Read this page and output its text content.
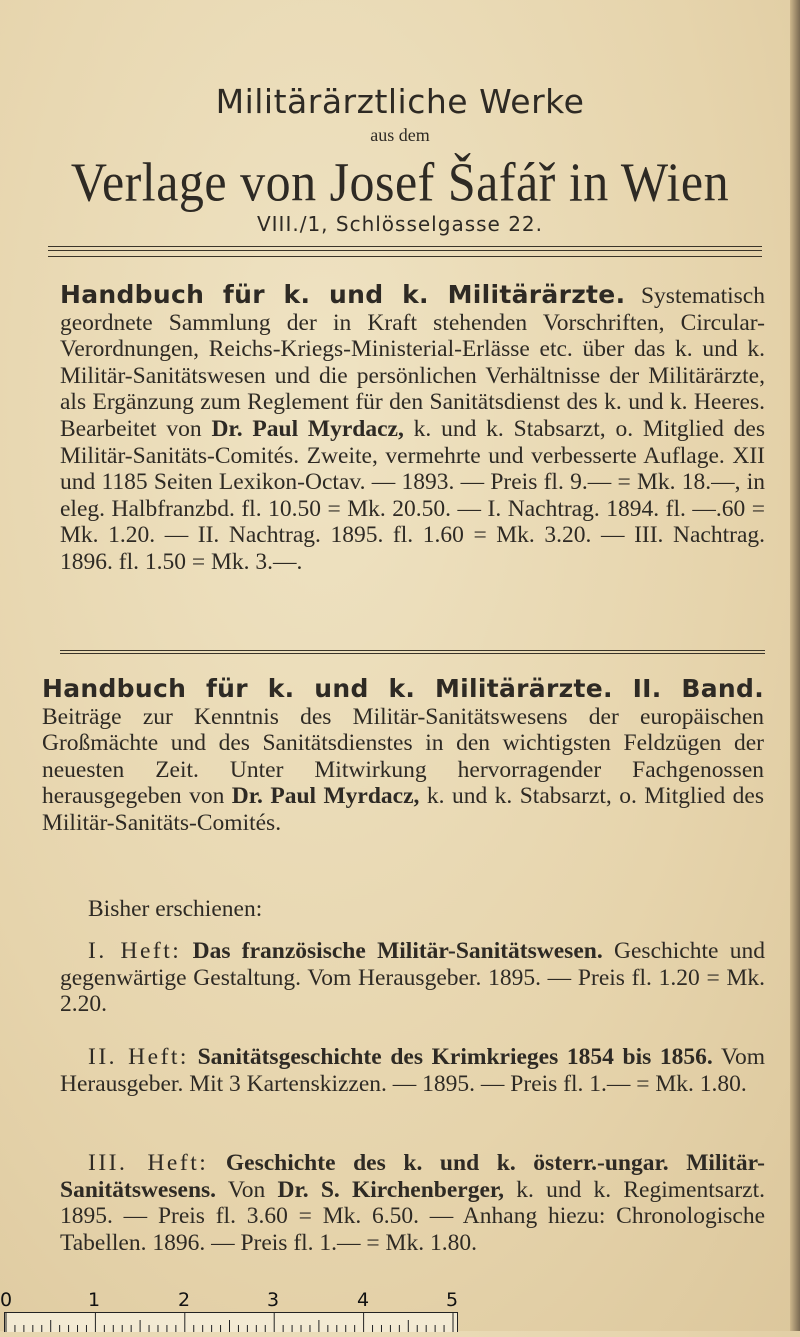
Militärärztliche Werke
aus dem
Verlage von Josef Šafář in Wien
VIII./1, Schlösselgasse 22.

Handbuch für k. und k. Militärärzte. Systematisch geordnete Sammlung der in Kraft stehenden Vorschriften, Circular-Verordnungen, Reichs-Kriegs-Ministerial-Erlässe etc. über das k. und k. Militär-Sanitätswesen und die persönlichen Verhältnisse der Militärärzte, als Ergänzung zum Reglement für den Sanitätsdienst des k. und k. Heeres. Bearbeitet von Dr. Paul Myrdacz, k. und k. Stabsarzt, o. Mitglied des Militär-Sanitäts-Comités. Zweite, vermehrte und verbesserte Auflage. XII und 1185 Seiten Lexikon-Octav. — 1893. — Preis fl. 9.— = Mk. 18.—, in eleg. Halbfranzbd. fl. 10.50 = Mk. 20.50. — I. Nachtrag. 1894. fl. —.60 = Mk. 1.20. — II. Nachtrag. 1895. fl. 1.60 = Mk. 3.20. — III. Nachtrag. 1896. fl. 1.50 = Mk. 3.—.

Handbuch für k. und k. Militärärzte. II. Band. Beiträge zur Kenntnis des Militär-Sanitätswesens der europäischen Großmächte und des Sanitätsdienstes in den wichtigsten Feldzügen der neuesten Zeit. Unter Mitwirkung hervorragender Fachgenossen herausgegeben von Dr. Paul Myrdacz, k. und k. Stabsarzt, o. Mitglied des Militär-Sanitäts-Comités.

Bisher erschienen:

I. Heft: Das französische Militär-Sanitätswesen. Geschichte und gegenwärtige Gestaltung. Vom Herausgeber. 1895. — Preis fl. 1.20 = Mk. 2.20.

II. Heft: Sanitätsgeschichte des Krimkrieges 1854 bis 1856. Vom Herausgeber. Mit 3 Kartenskizzen. — 1895. — Preis fl. 1.— = Mk. 1.80.

III. Heft: Geschichte des k. und k. österr.-ungar. Militär-Sanitätswesens. Von Dr. S. Kirchenberger, k. und k. Regimentsarzt. 1895. — Preis fl. 3.60 = Mk. 6.50. — Anhang hiezu: Chronologische Tabellen. 1896. — Preis fl. 1.— = Mk. 1.80.

0	1	2	3	4	5
